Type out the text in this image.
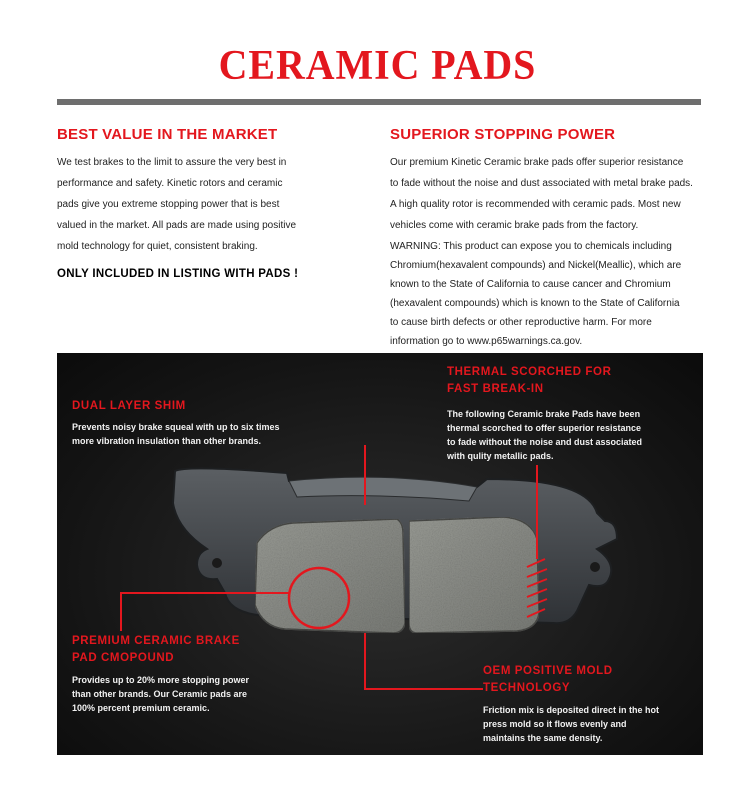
CERAMIC PADS
BEST VALUE IN THE MARKET
We test brakes to the limit to assure the very best in
performance and safety. Kinetic rotors and ceramic
pads give you extreme stopping power that is best
valued in the market. All pads are made using positive
mold technology for quiet, consistent braking.
ONLY INCLUDED IN LISTING WITH PADS !
SUPERIOR STOPPING POWER
Our premium Kinetic Ceramic brake pads offer superior resistance
to fade without the noise and dust associated with metal brake pads.
A high quality rotor is recommended with ceramic pads. Most new
vehicles come with ceramic brake pads from the factory.
WARNING: This product can expose you to chemicals including
Chromium(hexavalent compounds) and Nickel(Meallic), which are
known to the State of California to cause cancer and Chromium
(hexavalent compounds) which is known to the State of California
to cause birth defects or other reproductive harm. For more
information go to www.p65warnings.ca.gov.
DUAL LAYER SHIM
Prevents noisy brake squeal with up to six times
more vibration insulation than other brands.
THERMAL SCORCHED FOR
FAST BREAK-IN
The following Ceramic brake Pads have been
thermal scorched to offer superior resistance
to fade without the noise and dust associated
with qulity metallic pads.
PREMIUM CERAMIC BRAKE
PAD CMOPOUND
Provides up to 20% more stopping power
than other brands. Our Ceramic pads are
100% percent premium ceramic.
OEM POSITIVE MOLD
TECHNOLOGY
Friction mix is deposited direct in the hot
press mold so it flows evenly and
maintains the same density.
